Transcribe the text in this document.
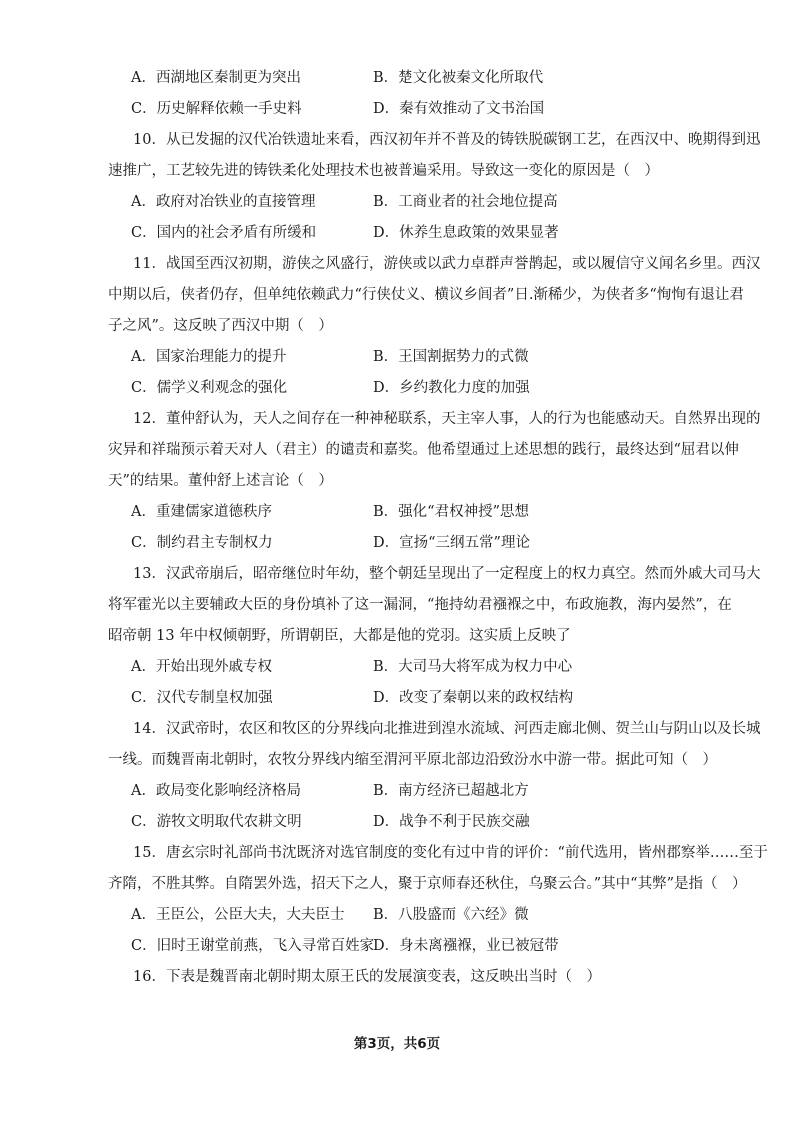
A．西湖地区秦制更为突出	B．楚文化被秦文化所取代
C．历史解释依赖一手史料	D．秦有效推动了文书治国
10．从已发掘的汉代冶铁遗址来看，西汉初年并不普及的铸铁脱碳钢工艺，在西汉中、晚期得到迅
速推广，工艺较先进的铸铁柔化处理技术也被普遍采用。导致这一变化的原因是（　）
A．政府对冶铁业的直接管理	B．工商业者的社会地位提高
C．国内的社会矛盾有所缓和	D．休养生息政策的效果显著
11．战国至西汉初期，游侠之风盛行，游侠或以武力卓群声誉鹊起，或以履信守义闻名乡里。西汉
中期以后，侠者仍存，但单纯依赖武力“行侠仗义、横议乡闾者”日.渐稀少，为侠者多“恂恂有退让君
子之风”。这反映了西汉中期（　）
A．国家治理能力的提升	B．王国割据势力的式微
C．儒学义利观念的强化	D．乡约教化力度的加强
12．董仲舒认为，天人之间存在一种神秘联系，天主宰人事，人的行为也能感动天。自然界出现的
灾异和祥瑞预示着天对人（君主）的谴责和嘉奖。他希望通过上述思想的践行，最终达到“屈君以伸
天”的结果。董仲舒上述言论（　）
A．重建儒家道德秩序	B．强化“君权神授”思想
C．制约君主专制权力	D．宣扬“三纲五常”理论
13．汉武帝崩后，昭帝继位时年幼，整个朝廷呈现出了一定程度上的权力真空。然而外戚大司马大
将军霍光以主要辅政大臣的身份填补了这一漏洞，“拖持幼君襁褓之中，布政施教，海内晏然”，在
昭帝朝 13 年中权倾朝野，所谓朝臣，大都是他的党羽。这实质上反映了
A．开始出现外戚专权	B．大司马大将军成为权力中心
C．汉代专制皇权加强	D．改变了秦朝以来的政权结构
14．汉武帝时，农区和牧区的分界线向北推进到湟水流域、河西走廊北侧、贺兰山与阴山以及长城
一线。而魏晋南北朝时，农牧分界线内缩至渭河平原北部边沿致汾水中游一带。据此可知（　）
A．政局变化影响经济格局	B．南方经济已超越北方
C．游牧文明取代农耕文明	D．战争不利于民族交融
15．唐玄宗时礼部尚书沈既济对选官制度的变化有过中肯的评价：“前代选用，皆州郡察举……至于
齐隋，不胜其弊。自隋罢外选，招天下之人，聚于京师春还秋住，乌聚云合。”其中“其弊”是指（　）
A．王臣公，公臣大夫，大夫臣士 B．八股盛而《六经》微
C．旧时王谢堂前燕，飞入寻常百姓家
D．身未离襁褓，业已被冠带
16．下表是魏晋南北朝时期太原王氏的发展演变表，这反映出当时（　）
第3页，共6页
